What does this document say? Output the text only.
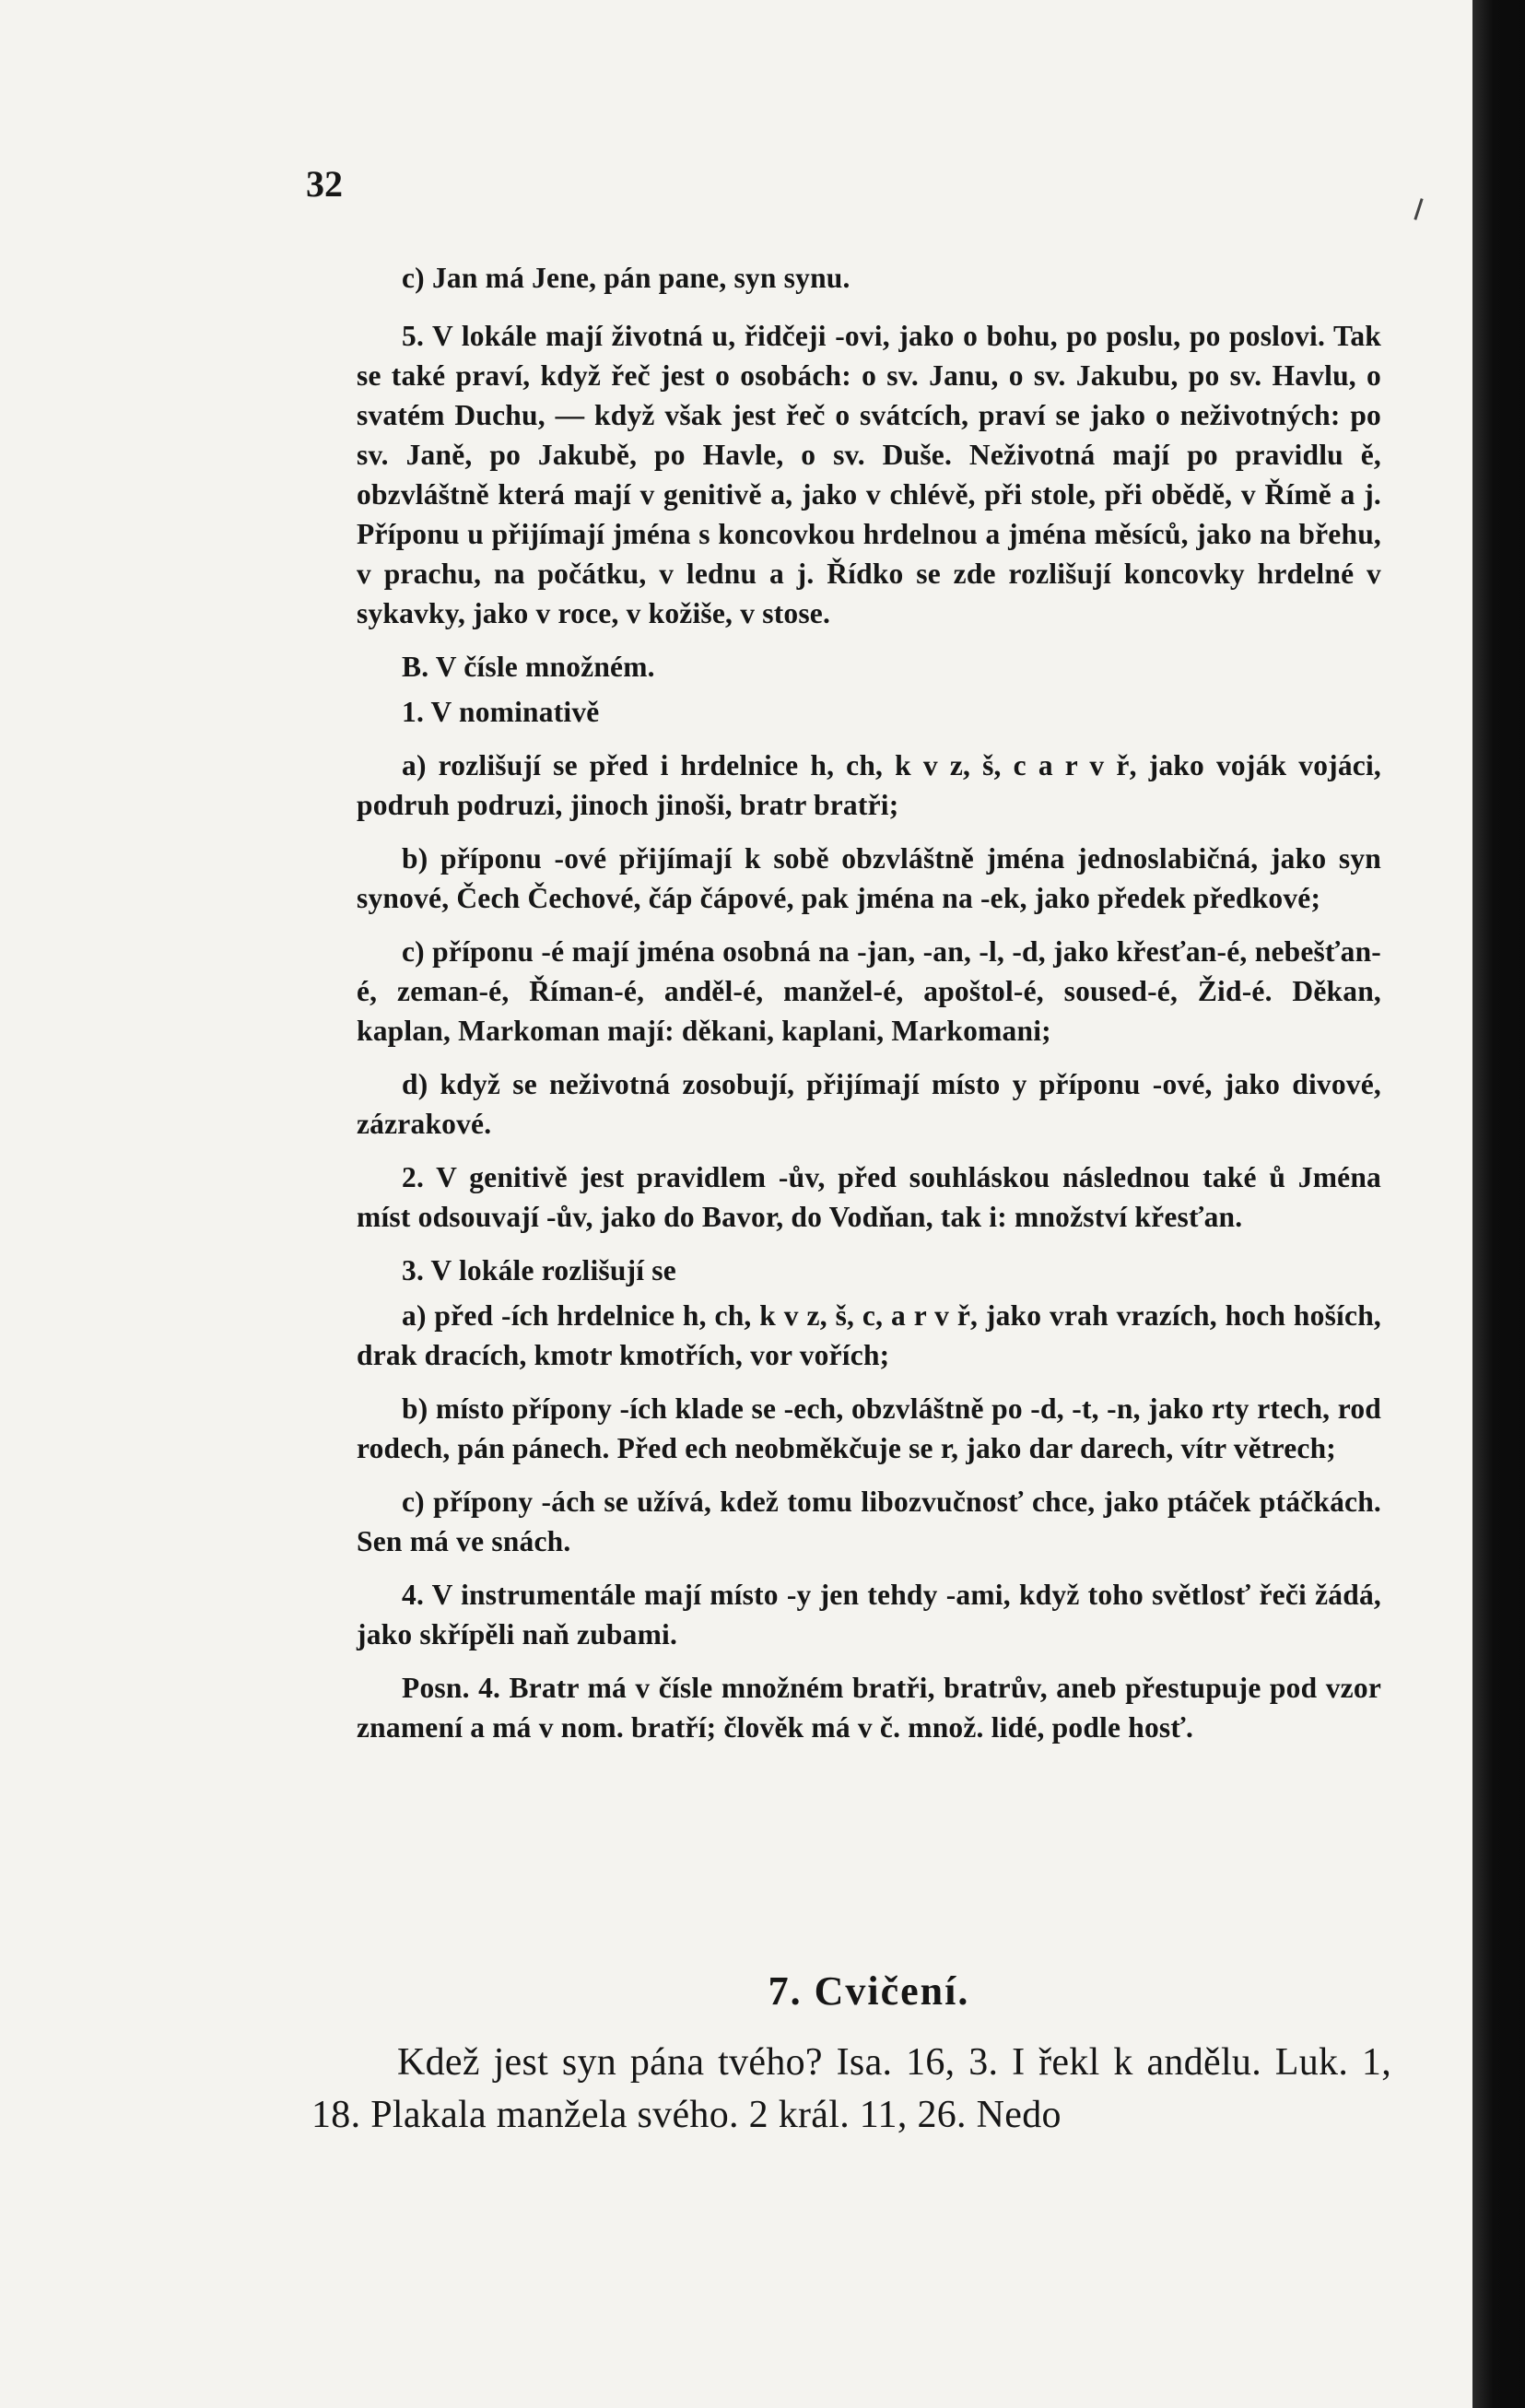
32

c) Jan má Jene, pán pane, syn synu.

5. V lokále mají životná u, řidčeji -ovi, jako o bohu, po poslu, po poslovi. Tak se také praví, když řeč jest o osobách: o sv. Janu, o sv. Jakubu, po sv. Havlu, o svatém Duchu, — když však jest řeč o svátcích, praví se jako o neživotných: po sv. Janě, po Jakubě, po Havle, o sv. Duše. Neživotná mají po pravidlu ě, obzvláštně která mají v genitivě a, jako v chlévě, při stole, při obědě, v Římě a j. Příponu u přijímají jména s koncovkou hrdelnou a jména měsíců, jako na břehu, v prachu, na počátku, v lednu a j. Řídko se zde rozlišují koncovky hrdelné v sykavky, jako v roce, v kožiše, v stose.

B. V čísle množném.

1. V nominativě

a) rozlišují se před i hrdelnice h, ch, k v z, š, c a r v ř, jako voják vojáci, podruh podruzi, jinoch jinoši, bratr bratři;

b) příponu -ové přijímají k sobě obzvláštně jména jednoslabičná, jako syn synové, Čech Čechové, čáp čápové, pak jména na -ek, jako předek předkové;

c) příponu -é mají jména osobná na -jan, -an, -l, -d, jako křesťan-é, nebešťan-é, zeman-é, Říman-é, anděl-é, manžel-é, apoštol-é, soused-é, Žid-é. Děkan, kaplan, Markoman mají: děkani, kaplani, Markomani;

d) když se neživotná zosobují, přijímají místo y příponu -ové, jako divové, zázrakové.

2. V genitivě jest pravidlem -ův, před souhláskou následnou také ů Jména míst odsouvají -ův, jako do Bavor, do Vodňan, tak i: množství křesťan.

3. V lokále rozlišují se

a) před -ích hrdelnice h, ch, k v z, š, c, a r v ř, jako vrah vrazích, hoch hoších, drak dracích, kmotr kmotřích, vor vořích;

b) místo přípony -ích klade se -ech, obzvláštně po -d, -t, -n, jako rty rtech, rod rodech, pán pánech. Před ech neobměkčuje se r, jako dar darech, vítr větrech;

c) přípony -ách se užívá, kdež tomu libozvučnosť chce, jako ptáček ptáčkách. Sen má ve snách.

4. V instrumentále mají místo -y jen tehdy -ami, když toho světlosť řeči žádá, jako skřípěli naň zubami.

Posn. 4. Bratr má v čísle množném bratři, bratrův, aneb přestupuje pod vzor znamení a má v nom. bratří; člověk má v č. množ. lidé, podle hosť.

7. Cvičení.
Kdež jest syn pána tvého? Isa. 16, 3. I řekl k andělu. Luk. 1, 18. Plakala manžela svého. 2 král. 11, 26. Nedo
